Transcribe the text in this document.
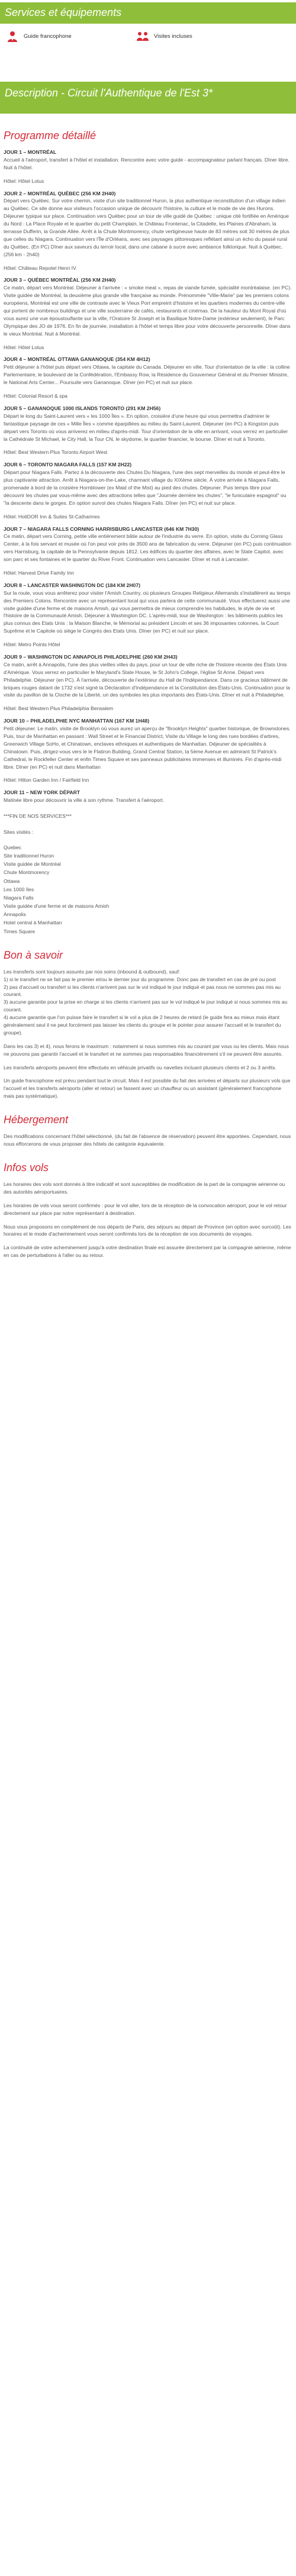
Services et équipements
Guide francophone	Visites incluses
Description - Circuit l'Authentique de l'Est 3*
Programme détaillé
JOUR 1 – MONTRÉAL
Accueil à l'aéroport, transfert à l'hôtel et installation. Rencontre avec votre guide - accompagnateur parlant français. Dîner libre. Nuit à l'hôtel.
Hôtel: Hôtel Lotus
JOUR 2 – MONTRÉAL QUÉBEC (256 KM 2H40)
Départ vers Québec. Sur votre chemin, visite d'un site traditionnel Huron, la plus authentique reconstitution d'un village indien au Québec. Ce site donne aux visiteurs l'occasion unique de découvrir l'histoire, la culture et le mode de vie des Hurons. Déjeuner typique sur place. Continuation vers Québec pour un tour de ville guidé de Québec : unique cité fortifiée en Amérique du Nord : La Place Royale et le quartier du petit Champlain, le Château Frontenac, la Citadelle, les Plaines d'Abraham, la terrasse Dufferin, la Grande Allée. Arrêt à la Chute Montmorency, chute vertigineuse haute de 83 mètres soit 30 mètres de plus que celles du Niagara. Continuation vers l'Île d'Orléans, avec ses paysages pittoresques reflétant ainsi un écho du passé rural du Québec. (En PC) Dîner aux saveurs du terroir local, dans une cabane à sucre avec ambiance folklorique. Nuit à Québec. (256 km - 2h40)
Hôtel: Château Repotel Henri IV
JOUR 3 – QUÉBEC MONTRÉAL (256 KM 2H40)
Ce matin, départ vers Montréal. Déjeuner à l'arrivée : « smoke meat », repas de viande fumée, spécialité montréalaise. (en PC). Visite guidée de Montréal, la deuxième plus grande ville française au monde. Prénommée "Ville-Marie" par les premiers colons européens, Montréal est une ville de contraste avec le Vieux Port empreint d'histoire et les quartiers modernes du centre-ville qui portent de nombreux buildings et une ville souterraine de cafés, restaurants et cinémas. De la hauteur du Mont Royal d'où vous aurez une vue époustouflante sur la ville, l'Oratoire St Joseph et la Basilique Notre-Dame (extérieur seulement), le Parc Olympique des JO de 1976. En fin de journée, installation à l'hôtel et temps libre pour votre découverte personnelle. Dîner dans le vieux Montréal. Nuit à Montréal.
Hôtel: Hôtel Lotus
JOUR 4 – MONTRÉAL OTTAWA GANANOQUE (354 KM 4H12)
Petit déjeuner à l'hôtel puis départ vers Ottawa, la capitale du Canada. Déjeuner en ville. Tour d'orientation de la ville : la colline Parlementaire, le boulevard de la Confédération, l'Embassy Row, la Résidence du Gouverneur Général et du Premier Ministre, le National Arts Center... Poursuite vers Gananoque. Dîner (en PC) et nuit sur place.
Hôtel: Colonial Resort & spa
JOUR 5 – GANANOQUE 1000 ISLANDS TORONTO (291 KM 2H56)
Départ le long du Saint-Laurent vers « les 1000 Îles ». En option, croisière d'une heure qui vous permettra d'admirer le fantastique paysage de ces « Mille Îles » comme éparpillées au milieu du Saint-Laurent. Déjeuner (en PC) à Kingston puis départ vers Toronto où vous arriverez en milieu d'après-midi. Tour d'orientation de la ville en arrivant, vous verrez en particulier la Cathédrale St Michael, le City Hall, la Tour CN, le skydome, le quartier financier, le bourse. Dîner et nuit à Toronto.
Hôtel: Best Western Plus Toronto Airport West
JOUR 6 – TORONTO NIAGARA FALLS (157 KM 2H22)
Départ pour Niagara Falls. Partez à la découverte des Chutes Du Niagara, l'une des sept merveilles du monde et peut-être le plus captivante attraction. Arrêt à Niagara-on-the-Lake, charmant village du XIXème siècle. À votre arrivée à Niagara Falls, promenade à bord de la croisière Hornblower (ex Maid of the Mist) au pied des chutes. Déjeuner. Puis temps libre pour découvrir les chutes par vous-même avec des attractions telles que "Journée derrière les chutes", "le funiculaire espagnol" ou "la descente dans le gorges. En option survol des chutes Niagara Falls. Dîner (en PC) et nuit sur place.
Hôtel: HoliDOR Inn & Suites St-Catharines
JOUR 7 – NIAGARA FALLS CORNING HARRISBURG LANCASTER (646 KM 7H30)
Ce matin, départ vers Corning, petite ville entièrement bâtie autour de l'industrie du verre. En option, visite du Corning Glass Center, à la fois servant et musée où l'on peut voir près de 3500 ans de fabrication du verre. Déjeuner (en PC) puis continuation vers Harrisburg, la capitale de la Pennsylvanie depuis 1812. Les édifices du quartier des affaires, avec le State Capitol, avec son parc et ses fontaines et le quartier du River Front. Continuation vers Lancaster. Dîner et nuit à Lancaster.
Hôtel: Harvest Drive Family Inn
JOUR 8 – LANCASTER WASHINGTON DC (184 KM 2H07)
Sur la route, vous vous arrêterez pour visiter l'Amish Country, où plusieurs Groupes Religieux Allemands s'installèrent au temps des Premiers Colons. Rencontre avec un représentant local qui vous parlera de cette communauté. Vous effectuerez aussi une visite guidée d'une ferme et de maisons Amish, qui vous permettra de mieux comprendre les habitudes, le style de vie et l'histoire de la Communauté Amish. Déjeuner à Washington DC. L'après-midi, tour de Washington : les bâtiments publics les plus connus des Etats Unis : la Maison Blanche, le Mémorial au président Lincoln et ses 36 imposantes colonnes, la Court Suprême et le Capitole où siège le Congrès des Etats Unis. Dîner (en PC) et nuit sur place.
Hôtel: Metro Points Hôtel
JOUR 9 – WASHINGTON DC ANNAPOLIS PHILADELPHIE (260 KM 2H43)
Ce matin, arrêt à Annapolis, l'une des plus vieilles villes du pays, pour un tour de ville riche de l'histoire récente des États Unis d'Amérique. Vous verrez en particulier le Maryland's State House, le St John's College, l'église St Anne. Départ vers Philadelphie. Déjeuner (en PC). À l'arrivée, découverte de l'extérieur du Hall de l'Indépendance. Dans ce gracieux bâtiment de briques rouges datant de 1732 s'est signé la Déclaration d'Indépendance et la Constitution des États-Unis. Continuation pour la visite du pavillon de la Cloche de la Liberté, un des symboles les plus importants des États-Unis. Dîner et nuit à Philadelphie.
Hôtel: Best Western Plus Philadelphia Bensalem
JOUR 10 – PHILADELPHIE NYC MANHATTAN (167 KM 1H48)
Petit déjeuner. Le matin, visite de Brooklyn où vous aurez un aperçu de "Brooklyn Heights" quartier historique, de Brownstones. Puis, tour de Manhattan en passant : Wall Street et le Financial District, Visite du Village le long des rues bordées d'arbres, Greenwich Village SoHo, et Chinatown, enclaves ethniques et authentiques de Manhattan. Déjeuner de spécialités à Chinatown. Puis, dirigez-vous vers le le Flatiron Building, Grand Central Station, la 5ème Avenue en admirant St Patrick's Cathedral, le Rockfeller Center et enfin Times Square et ses panneaux publicitaires immenses et illuminés. Fin d'après-midi libre. Dîner (en PC) et nuit dans Manhattan
Hôtel: Hilton Garden Inn / Fairfield Inn
JOUR 11 – NEW YORK DÉPART
Matinée libre pour découvrir la ville à son rythme. Transfert à l'aéroport.
***FIN DE NOS SERVICES***
Sites visités :
Quebec
Site traditionnel Huron
Visite guidée de Montréal
Chute Montmorency
Ottawa
Les 1000 îles
Niagara Falls
Visite guidée d'une ferme et de maisons Amish
Annapolis
Hotel central à Manhattan
Times Square
Bon à savoir

Les transferts sont toujours assurés par nos soins (inbound & outbound), sauf:

1) si le transfert ne se fait pas le premier et/ou le dernier jour du programme. Donc pas de transfert en cas de pré ou post

2) pas d'accueil ou transfert si les clients n'arrivent pas sur le vol indiqué le jour indiqué et pas nous ne sommes pas mis au courant.

3) aucune garantie pour la prise en charge si les clients n'arrivent pas sur le vol indiqué le jour indiqué si nous sommes mis au courant.

4) aucune garantie que l'on puisse faire le transfert si le vol a plus de 2 heures de retard (le guide fera au mieux mais étant généralement seul il ne peut forcément pas laisser les clients du groupe et le pointer pour assurer l'accueil et le transfert du groupe).

Dans les cas 3) et 4), nous ferons le maximum : notamment si nous sommes mis au courant par vous ou les clients. Mais nous ne pouvons pas garantir l'accueil et le transfert et ne sommes pas responsables financièrement s'il ne peuvent être assurés.

Les transferts aéroports peuvent être effectués en véhicule privatifs ou navettes incluant plusieurs clients et 2 ou 3 arrêts.

Un guide francophone est prévu pendant tout le circuit. Mais il est possible du fait des arrivées et départs sur plusieurs vols que l'accueil et les transferts aéroports (aller et retour) se fassent avec un chauffeur ou un assistant (généralement francophone mais pas systématique).

Hébergement

Des modifications concernant l'hôtel sélectionné, (du fait de l'absence de réservation) peuvent être apportées. Cependant, nous nous efforcerons de vous proposer des hôtels de catégorie équivalente.

Infos vols

Les horaires des vols sont donnés à titre indicatif et sont susceptibles de modification de la part de la compagnie aérienne ou des autorités aéroportuaires.

Les horaires de vols vous seront confirmés : pour le vol aller, lors de la réception de la convocation aéroport, pour le vol retour directement sur place par notre représentant à destination.

Nous vous proposons en complément de nos départs de Paris, des séjours au départ de Province (en option avec surcoût). Les horaires et le mode d'acheminement vous seront confirmés lors de la réception de vos documents de voyages.

La continuité de votre acheminement jusqu'à votre destination finale est assurée directement par la compagnie aérienne, même en cas de perturbations à l'aller ou au retour.
